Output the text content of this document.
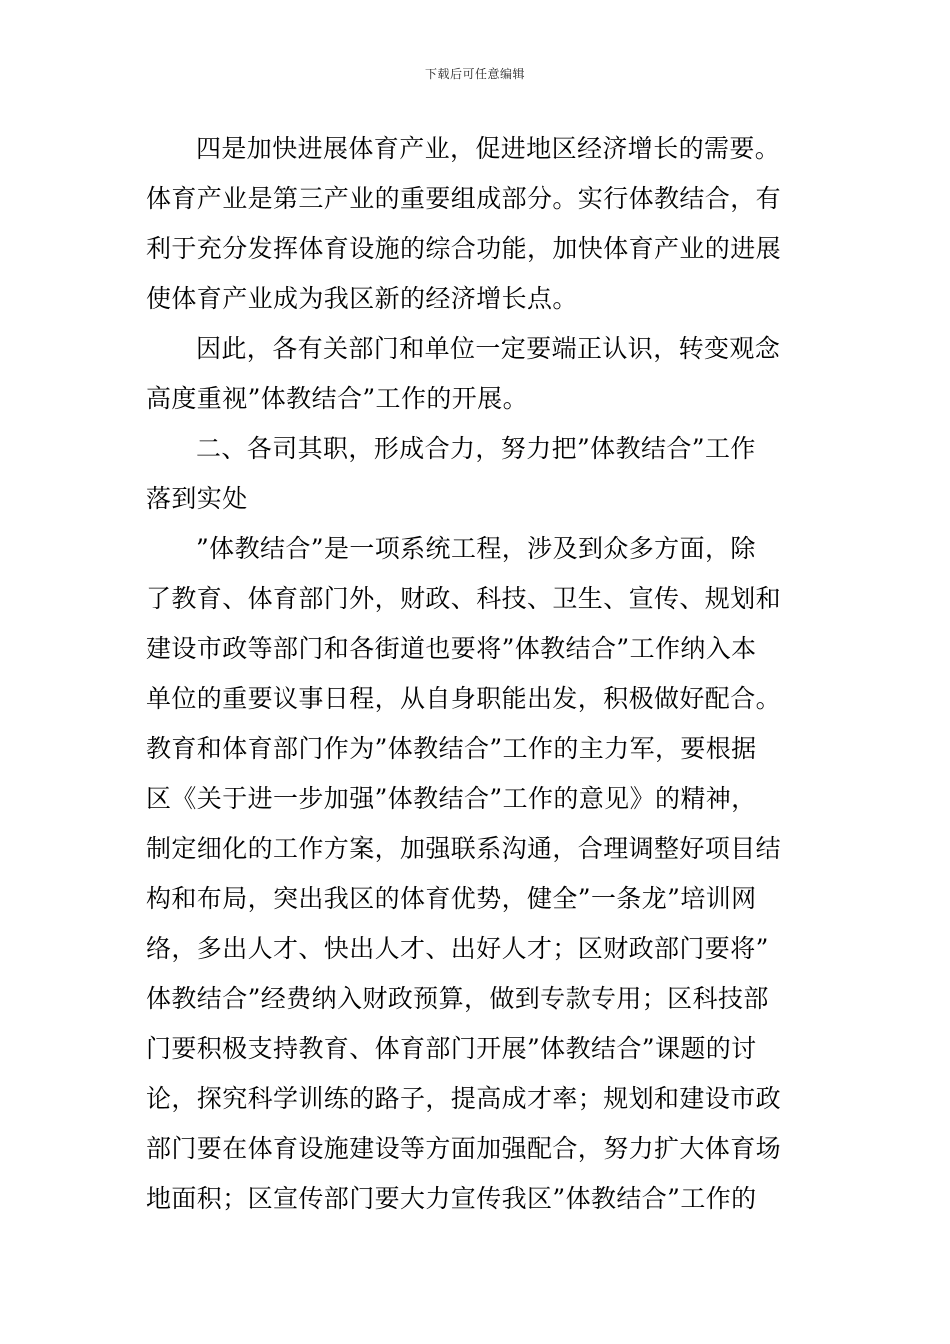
下载后可任意编辑
四是加快进展体育产业，促进地区经济增长的需要。
体育产业是第三产业的重要组成部分。实行体教结合，有
利于充分发挥体育设施的综合功能，加快体育产业的进展
使体育产业成为我区新的经济增长点。
因此，各有关部门和单位一定要端正认识，转变观念
高度重视”体教结合”工作的开展。
二、各司其职，形成合力，努力把”体教结合”工作
落到实处
”体教结合”是一项系统工程，涉及到众多方面，除
了教育、体育部门外，财政、科技、卫生、宣传、规划和
建设市政等部门和各街道也要将”体教结合”工作纳入本
单位的重要议事日程，从自身职能出发，积极做好配合。
教育和体育部门作为”体教结合”工作的主力军，要根据
区《关于进一步加强”体教结合”工作的意见》的精神，
制定细化的工作方案，加强联系沟通，合理调整好项目结
构和布局，突出我区的体育优势，健全”一条龙”培训网
络，多出人才、快出人才、出好人才；区财政部门要将”
体教结合”经费纳入财政预算，做到专款专用；区科技部
门要积极支持教育、体育部门开展”体教结合”课题的讨
论，探究科学训练的路子，提高成才率；规划和建设市政
部门要在体育设施建设等方面加强配合，努力扩大体育场
地面积；区宣传部门要大力宣传我区”体教结合”工作的
